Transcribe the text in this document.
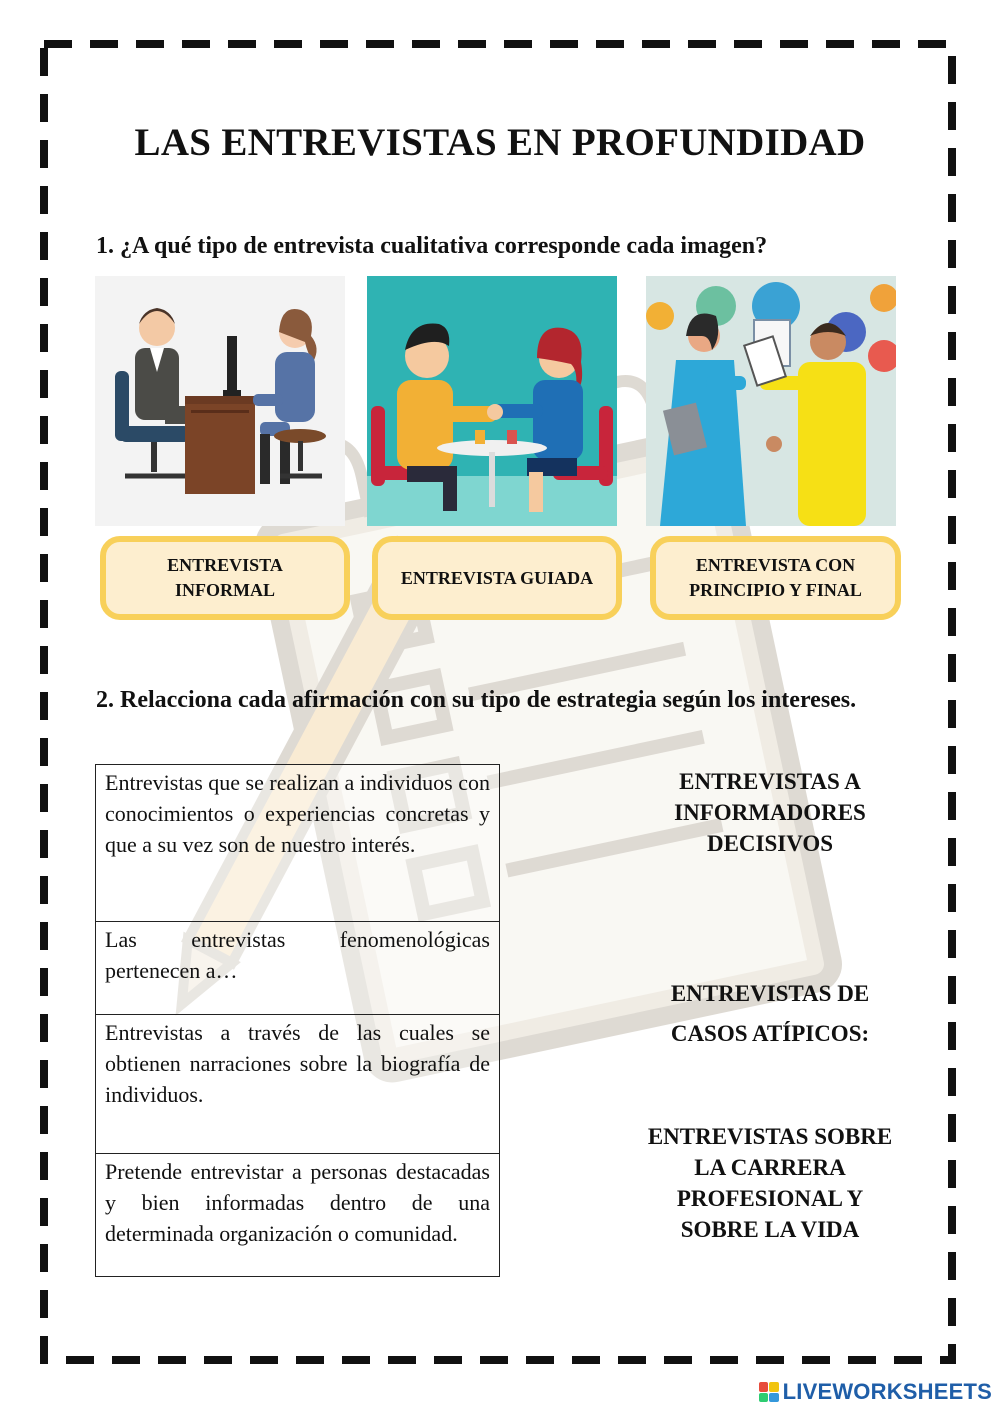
LAS ENTREVISTAS EN PROFUNDIDAD
1. ¿A qué tipo de entrevista cualitativa corresponde cada imagen?
ENTREVISTA INFORMAL
ENTREVISTA GUIADA
ENTREVISTA CON PRINCIPIO Y FINAL
2. Relacciona cada afirmación con su tipo de estrategia según los intereses.
Entrevistas que se realizan a individuos con conocimientos o experiencias concretas y que a su vez son de nuestro interés.
Las entrevistas fenomenológicas pertenecen a…
Entrevistas a través de las cuales se obtienen narraciones sobre la biografía de individuos.
Pretende entrevistar a personas destacadas y bien informadas dentro de una determinada organización o comunidad.
ENTREVISTAS A INFORMADORES DECISIVOS
ENTREVISTAS DE CASOS ATÍPICOS:
ENTREVISTAS SOBRE LA CARRERA PROFESIONAL Y SOBRE LA VIDA
LIVEWORKSHEETS
